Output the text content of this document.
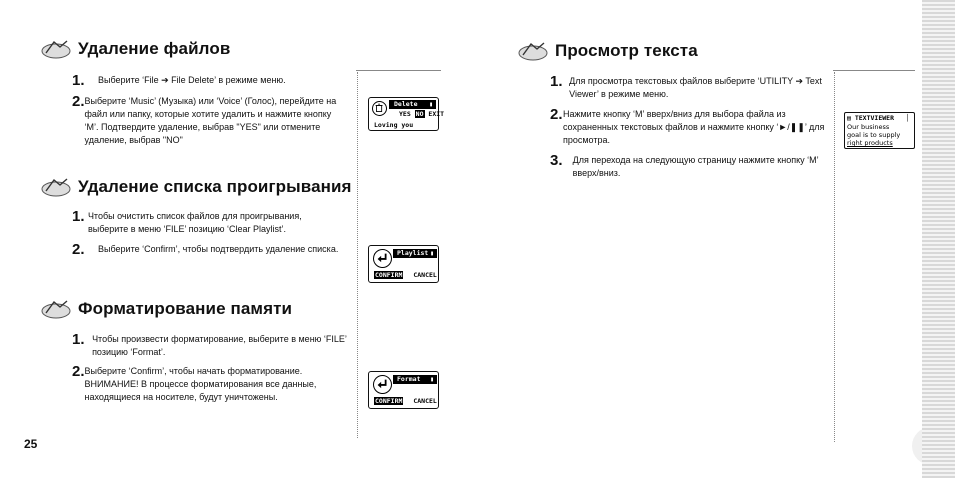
Удаление файлов
1.	Выберите ‘File ➔ File Delete’ в режиме меню.
2. Выберите ‘Music’ (Музыка) или ‘Voice’ (Голос), перейдите на файл или папку, которые хотите удалить и нажмите кнопку ‘M’. Подтвердите удаление, выбрав "YES" или отмените удаление, выбрав "NO"
Удаление списка проигрывания
1. Чтобы очистить список файлов для проигрывания, выберите в меню ‘FILE’ позицию ‘Clear Playlist’.
2.	Выберите ‘Confirm’, чтобы подтвердить удаление списка.
Форматирование памяти
1. Чтобы произвести форматирование, выберите в меню ‘FILE’ позицию ‘Format’.
2. Выберите ‘Confirm’, чтобы начать форматирование. ВНИМАНИЕ! В процессе форматирования все данные, находящиеся на носителе, будут уничтожены.
Delete ▮
YES NO EXIT
Loving you
Playlist ▮
CONFIRM CANCEL
Format ▮
CONFIRM CANCEL
25
Просмотр текста
1. Для просмотра текстовых файлов выберите ‘UTILITY ➔ Text Viewer’ в режиме меню.
2. Нажмите кнопку ‘M’ вверх/вниз для выбора файла из сохраненных текстовых файлов и нажмите кнопку ‘►/❚❚’ для просмотра.
3.	Для перехода на следующую страницу нажмите кнопку ‘M’ вверх/вниз.
▤ TEXTVIEWER ▏
Our business
goal is to supply
right products
